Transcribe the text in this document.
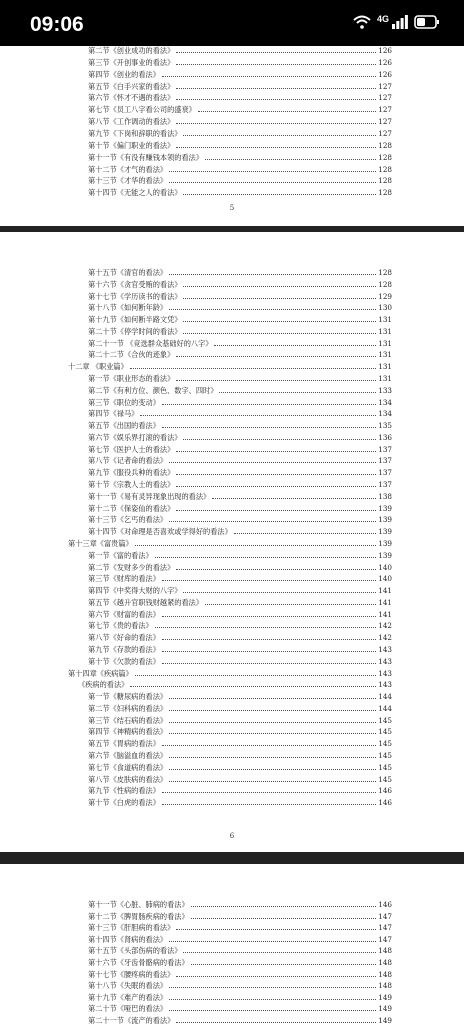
09:06	4G
第二节《创业成功的看法》	126
第三节《开创事业的看法》	126
第四节《创业的看法》	126
第五节《白手兴家的看法》	127
第六节《怀才不遇的看法》	127
第七节《员工八字看公司的盛衰》	127
第八节《工作调动的看法》	127
第九节《下岗和辞职的看法》	127
第十节《偏门职业的看法》	128
第十一节《有没有赚钱本领的看法》	128
第十二节《才气的看法》	128
第十三节《才华的看法》	128
第十四节《无能之人的看法》	128
5
第十五节《清官的看法》	128
第十六节《贪官受贿的看法》	128
第十七节《学历读书的看法》	129
第十八节《如何断年龄》	130
第十九节《如何断半路文凭》	131
第二十节《停学时间的看法》	131
第二十一节 《竞选群众基础好的八字》	131
第二十二节《合伙的迹象》	131
十二章 《职业篇》	131
第一节《职业形态的看法》	131
第二节《有利方位、颜色、数字、四时》	133
第三节《职位的变动》	134
第四节《禄马》	134
第五节《出国的看法》	135
第六节《娱乐界打滚的看法》	136
第七节《医护人士的看法》	137
第八节《记者命的看法》	137
第九节《服役兵种的看法》	137
第十节《宗教人士的看法》	137
第十一节《易有灵异现象出现的看法》	138
第十二节《保姿仙的看法》	139
第十三节《乞丐的看法》	139
第十四节《对命理是否喜欢或学得好的看法》	139
第十三章《富贵篇》	139
第一节《富的看法》	139
第二节《发财多少的看法》	140
第三节《财库的看法》	140
第四节《中奖得大财的八字》	141
第五节《越升官职钱财越紧的看法》	141
第六节《财富的看法》	141
第七节《贵的看法》	142
第八节《好命的看法》	142
第九节《存款的看法》	143
第十节《欠款的看法》	143
第十四章《疾病篇》	143
《疾病的看法》	143
第一节《糖尿病的看法》	144
第二节《妇科病的看法》	144
第三节《结石病的看法》	145
第四节《神精病的看法》	145
第五节《胃病的看法》	145
第六节《脑溢血的看法》	145
第七节《食道病的看法》	145
第八节《皮肤病的看法》	145
第九节《性病的看法》	146
第十节《白虎的看法》	146
6
第十一节《心脏、肺病的看法》	146
第十二节《脾胃肠疾病的看法》	147
第十三节《肝胆病的看法》	147
第十四节《肾病的看法》	147
第十五节《头部伤病的看法》	148
第十六节《牙齿骨骼病的看法》	148
第十七节《腰疼病的看法》	148
第十八节《失眠的看法》	148
第十九节《难产的看法》	149
第二十节《哑巴的看法》	149
第二十一节《流产的看法》	149
